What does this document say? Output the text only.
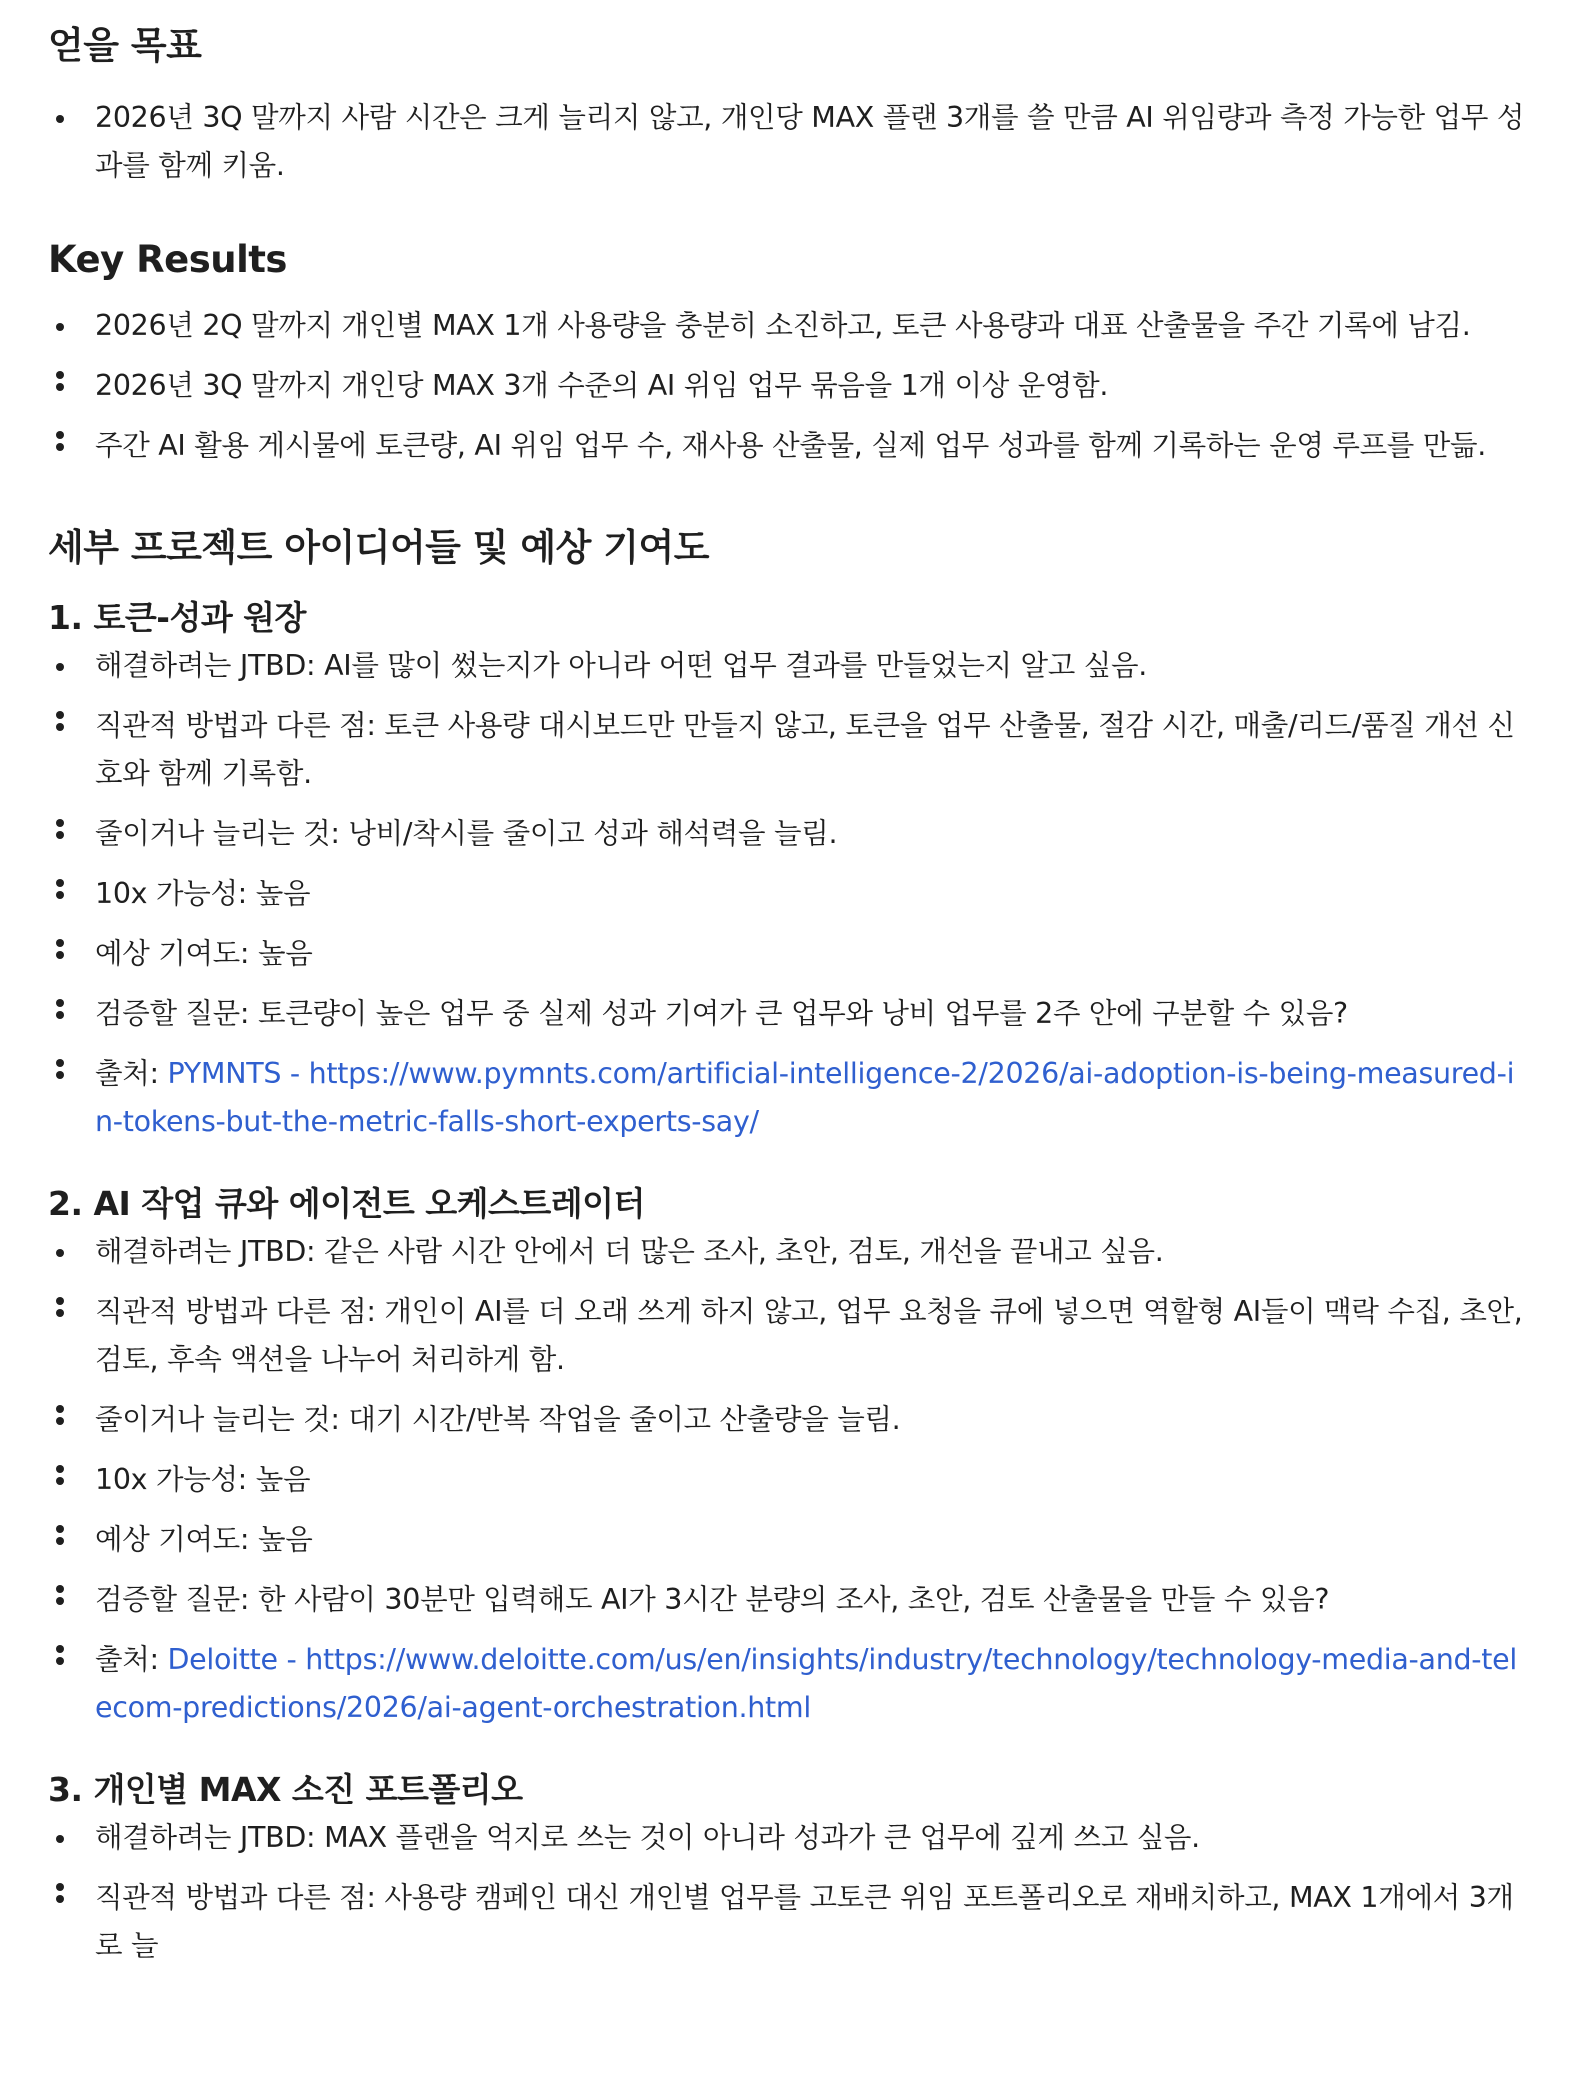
얻을 목표
2026년 3Q 말까지 사람 시간은 크게 늘리지 않고, 개인당 MAX 플랜 3개를 쓸 만큼 AI 위임량과 측정 가능한 업무 성과를 함께 키움.
Key Results
2026년 2Q 말까지 개인별 MAX 1개 사용량을 충분히 소진하고, 토큰 사용량과 대표 산출물을 주간 기록에 남김.
2026년 3Q 말까지 개인당 MAX 3개 수준의 AI 위임 업무 묶음을 1개 이상 운영함.
주간 AI 활용 게시물에 토큰량, AI 위임 업무 수, 재사용 산출물, 실제 업무 성과를 함께 기록하는 운영 루프를 만듦.
세부 프로젝트 아이디어들 및 예상 기여도
1. 토큰-성과 원장
해결하려는 JTBD: AI를 많이 썼는지가 아니라 어떤 업무 결과를 만들었는지 알고 싶음.
직관적 방법과 다른 점: 토큰 사용량 대시보드만 만들지 않고, 토큰을 업무 산출물, 절감 시간, 매출/리드/품질 개선 신호와 함께 기록함.
줄이거나 늘리는 것: 낭비/착시를 줄이고 성과 해석력을 늘림.
10x 가능성: 높음
예상 기여도: 높음
검증할 질문: 토큰량이 높은 업무 중 실제 성과 기여가 큰 업무와 낭비 업무를 2주 안에 구분할 수 있음?
출처: PYMNTS - https://www.pymnts.com/artificial-intelligence-2/2026/ai-adoption-is-being-measured-in-tokens-but-the-metric-falls-short-experts-say/
2. AI 작업 큐와 에이전트 오케스트레이터
해결하려는 JTBD: 같은 사람 시간 안에서 더 많은 조사, 초안, 검토, 개선을 끝내고 싶음.
직관적 방법과 다른 점: 개인이 AI를 더 오래 쓰게 하지 않고, 업무 요청을 큐에 넣으면 역할형 AI들이 맥락 수집, 초안, 검토, 후속 액션을 나누어 처리하게 함.
줄이거나 늘리는 것: 대기 시간/반복 작업을 줄이고 산출량을 늘림.
10x 가능성: 높음
예상 기여도: 높음
검증할 질문: 한 사람이 30분만 입력해도 AI가 3시간 분량의 조사, 초안, 검토 산출물을 만들 수 있음?
출처: Deloitte - https://www.deloitte.com/us/en/insights/industry/technology/technology-media-and-telecom-predictions/2026/ai-agent-orchestration.html
3. 개인별 MAX 소진 포트폴리오
해결하려는 JTBD: MAX 플랜을 억지로 쓰는 것이 아니라 성과가 큰 업무에 깊게 쓰고 싶음.
직관적 방법과 다른 점: 사용량 캠페인 대신 개인별 업무를 고토큰 위임 포트폴리오로 재배치하고, MAX 1개에서 3개로 늘
